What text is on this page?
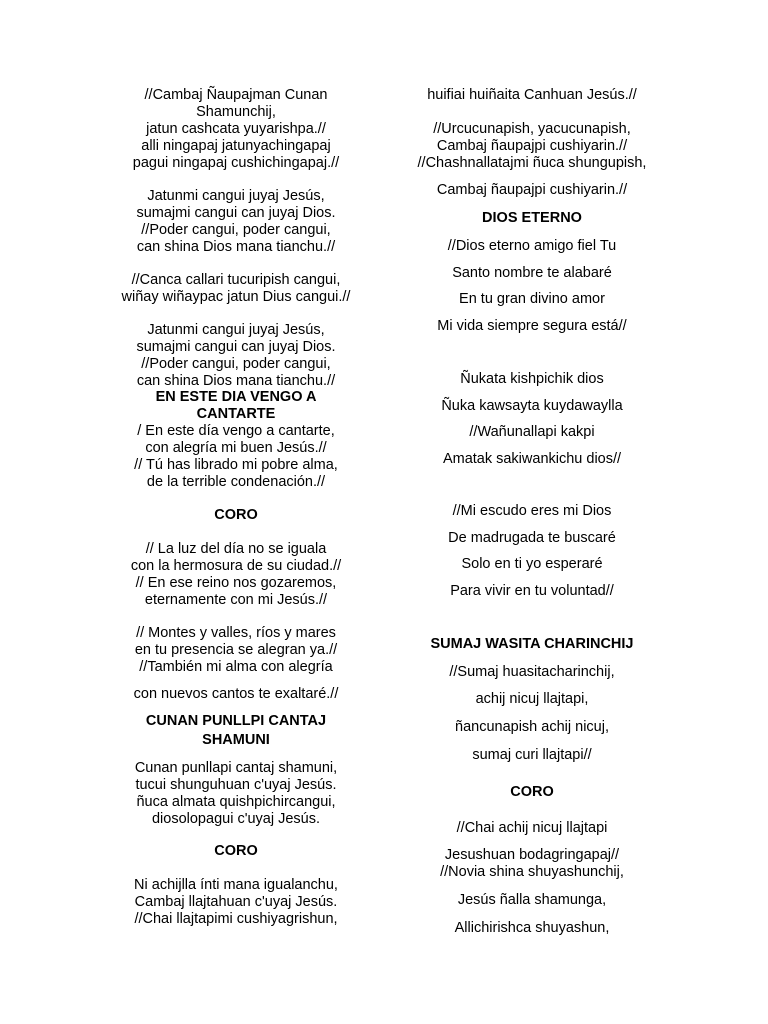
//Cambaj Ñaupajman Cunan
Shamunchij,
jatun cashcata yuyarishpa.//
alli ningapaj jatunyachingapaj
pagui ningapaj cushichingapaj.//
Jatunmi cangui juyaj Jesús,
sumajmi cangui can juyaj Dios.
//Poder cangui, poder cangui,
can shina Dios mana tianchu.//
//Canca callari tucuripish cangui,
wiñay wiñaypac jatun Dius cangui.//
Jatunmi cangui juyaj Jesús,
sumajmi cangui can juyaj Dios.
//Poder cangui, poder cangui,
can shina Dios mana tianchu.//
EN ESTE DIA VENGO A
CANTARTE
/ En este día vengo a cantarte,
con alegría mi buen Jesús.//
// Tú has librado mi pobre alma,
de la terrible condenación.//
CORO
// La luz del día no se iguala
con la hermosura de su ciudad.//
// En ese reino nos gozaremos,
eternamente con mi Jesús.//
// Montes y valles, ríos y mares
en tu presencia se alegran ya.//
//También mi alma con alegría
con nuevos cantos te exaltaré.//
CUNAN PUNLLPI CANTAJ
SHAMUNI
Cunan punllapi cantaj shamuni,
tucui shunguhuan c'uyaj Jesús.
ñuca almata quishpichircangui,
diosolopagui c'uyaj Jesús.
CORO
Ni achijlla ínti mana igualanchu,
Cambaj llajtahuan c'uyaj Jesús.
//Chai llajtapimi cushiyagrishun,
huifiai huiñaita Canhuan Jesús.//
//Urcucunapish, yacucunapish,
Cambaj ñaupajpi cushiyarin.//
//Chashnallatajmi ñuca shungupish,
Cambaj ñaupajpi cushiyarin.//
DIOS ETERNO
//Dios eterno amigo fiel Tu
Santo nombre te alabaré
En tu gran divino amor
Mi vida siempre segura está//
Ñukata kishpichik dios
Ñuka kawsayta kuydawaylla
//Wañunallapi kakpi
Amatak sakiwankichu dios//
//Mi escudo eres mi Dios
De madrugada te buscaré
Solo en ti yo esperaré
Para vivir en tu voluntad//
SUMAJ WASITA CHARINCHIJ
//Sumaj huasitacharinchij,
achij nicuj llajtapi,
ñancunapish achij nicuj,
sumaj curi llajtapi//
CORO
//Chai achij nicuj llajtapi
Jesushuan bodagringapaj//
//Novia shina shuyashunchij,
Jesús ñalla shamunga,
Allichirishca shuyashun,
